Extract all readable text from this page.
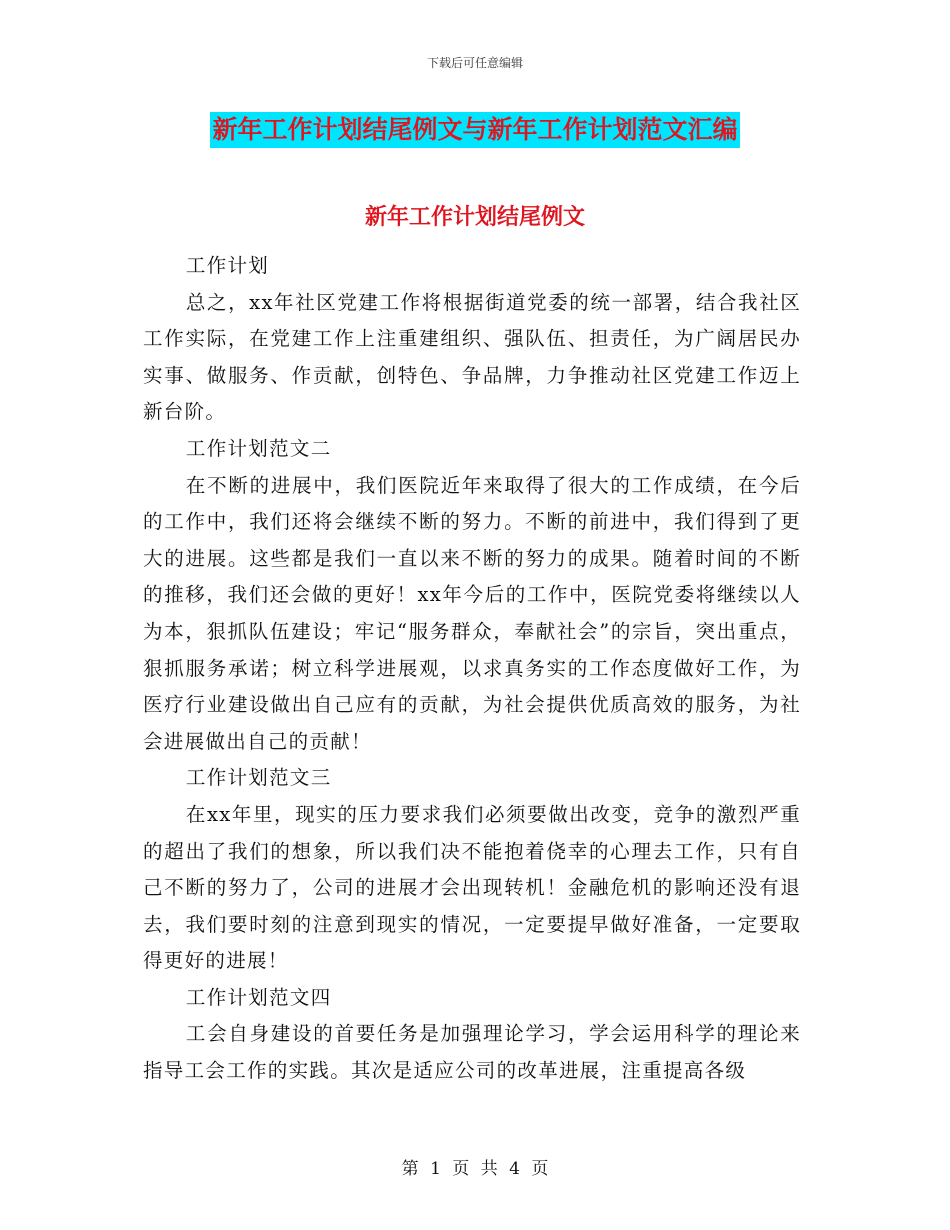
下载后可任意编辑
新年工作计划结尾例文与新年工作计划范文汇编
新年工作计划结尾例文

工作计划

总之，xx年社区党建工作将根据街道党委的统一部署，结合我社区工作实际，在党建工作上注重建组织、强队伍、担责任，为广阔居民办实事、做服务、作贡献，创特色、争品牌，力争推动社区党建工作迈上新台阶。

工作计划范文二

在不断的进展中，我们医院近年来取得了很大的工作成绩，在今后的工作中，我们还将会继续不断的努力。不断的前进中，我们得到了更大的进展。这些都是我们一直以来不断的努力的成果。随着时间的不断的推移，我们还会做的更好！xx年今后的工作中，医院党委将继续以人为本，狠抓队伍建设；牢记“服务群众，奉献社会”的宗旨，突出重点，狠抓服务承诺；树立科学进展观，以求真务实的工作态度做好工作，为医疗行业建设做出自己应有的贡献，为社会提供优质高效的服务，为社会进展做出自己的贡献！

工作计划范文三

在xx年里，现实的压力要求我们必须要做出改变，竞争的激烈严重的超出了我们的想象，所以我们决不能抱着侥幸的心理去工作，只有自己不断的努力了，公司的进展才会出现转机！金融危机的影响还没有退去，我们要时刻的注意到现实的情况，一定要提早做好准备，一定要取得更好的进展！

工作计划范文四

工会自身建设的首要任务是加强理论学习，学会运用科学的理论来指导工会工作的实践。其次是适应公司的改革进展，注重提高各级

第 1 页 共 4 页
